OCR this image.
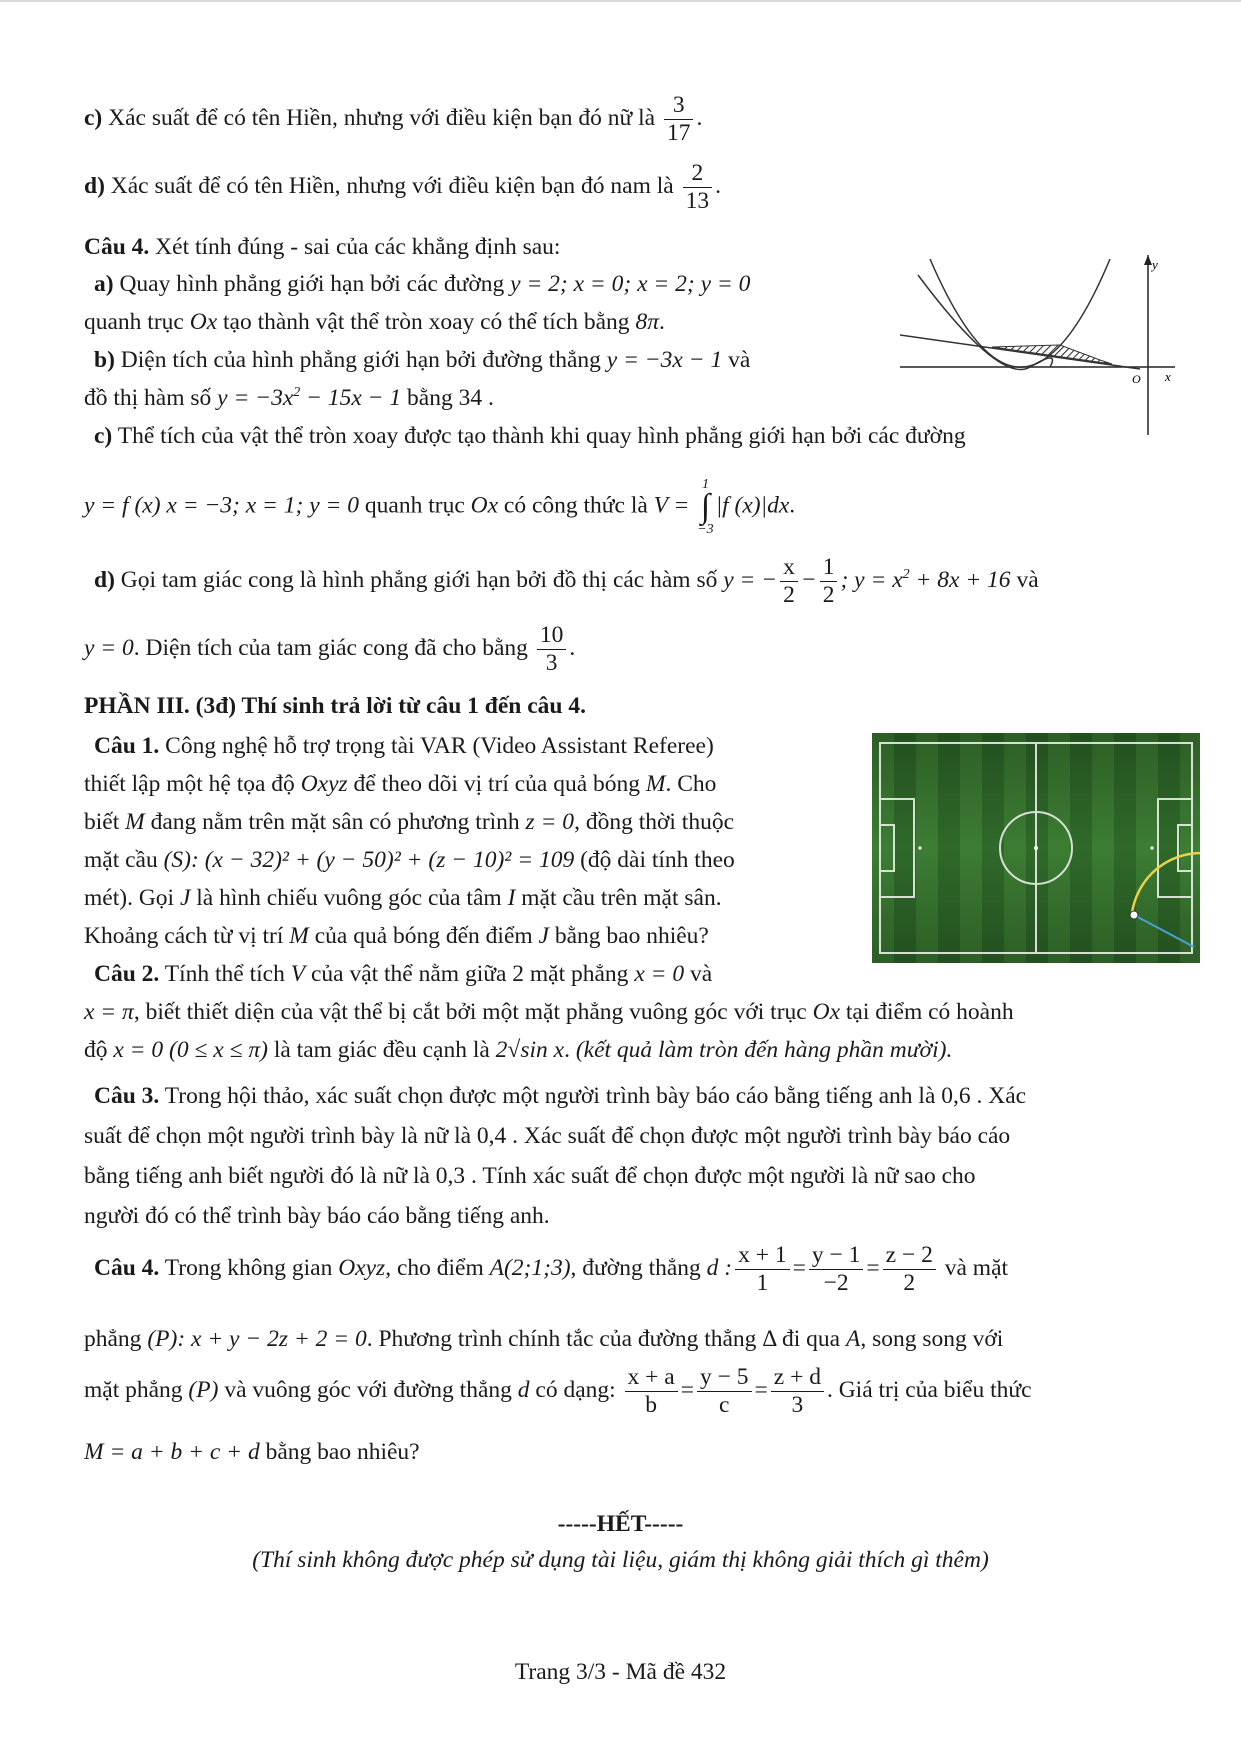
c) Xác suất để có tên Hiền, nhưng với điều kiện bạn đó nữ là $\frac{3}{17}$ .
d) Xác suất để có tên Hiền, nhưng với điều kiện bạn đó nam là $\frac{2}{13}$ .
Câu 4. Xét tính đúng - sai của các khẳng định sau:
a) Quay hình phẳng giới hạn bởi các đường y = 2; x = 0; x = 2; y = 0
quanh trục Ox tạo thành vật thể tròn xoay có thể tích bằng 8π.
b) Diện tích của hình phẳng giới hạn bởi đường thẳng y = −3x − 1 và
đồ thị hàm số $y = -3x^2 - 15x - 1$ bằng 34 .
c) Thể tích của vật thể tròn xoay được tạo thành khi quay hình phẳng giới hạn bởi các đường
y = f (x) x = −3; x = 1; y = 0 quanh trục Ox có công thức là V = 1
∫
−3|f (x)|dx.
d) Gọi tam giác cong là hình phẳng giới hạn bởi đồ thị các hàm số y = − $\frac{x}{2} - \frac{1}{2}$ ; $y = x^2 + 8x + 16$ và
y = 0. Diện tích của tam giác cong đã cho bằng $\frac{10}{3}$ .
PHẦN III. (3đ) Thí sinh trả lời từ câu 1 đến câu 4.
Câu 1. Công nghệ hỗ trợ trọng tài VAR (Video Assistant Referee)
thiết lập một hệ tọa độ Oxyz để theo dõi vị trí của quả bóng M. Cho
biết M đang nằm trên mặt sân có phương trình z = 0, đồng thời thuộc
mặt cầu (S): (x − 32)² + (y − 50)² + (z − 10)² = 109 (độ dài tính theo
mét). Gọi J là hình chiếu vuông góc của tâm I mặt cầu trên mặt sân.
Khoảng cách từ vị trí M của quả bóng đến điểm J bằng bao nhiêu?
Câu 2. Tính thể tích V của vật thể nằm giữa 2 mặt phẳng x = 0 và
x = π, biết thiết diện của vật thể bị cắt bởi một mặt phẳng vuông góc với trục Ox tại điểm có hoành
độ x = 0 (0 ≤ x ≤ π) là tam giác đều cạnh là 2√sin x. (kết quả làm tròn đến hàng phần mười).
Câu 3. Trong hội thảo, xác suất chọn được một người trình bày báo cáo bằng tiếng anh là 0,6 . Xác
suất để chọn một người trình bày là nữ là 0,4 . Xác suất để chọn được một người trình bày báo cáo
bằng tiếng anh biết người đó là nữ là 0,3 . Tính xác suất để chọn được một người là nữ sao cho
người đó có thể trình bày báo cáo bằng tiếng anh.
Câu 4. Trong không gian Oxyz, cho điểm A(2;1;3), đường thẳng d : $\frac{x + 1}{1} = \frac{y - 1}{-2} = \frac{z - 2}{2}$ và mặt
phẳng (P): x + y − 2z + 2 = 0. Phương trình chính tắc của đường thẳng Δ đi qua A, song song với
mặt phẳng (P) và vuông góc với đường thẳng d có dạng: $\frac{x + a}{b} = \frac{y - 5}{c} = \frac{z + d}{3}$ . Giá trị của biểu thức
M = a + b + c + d bằng bao nhiêu?
y
x
O
-----HẾT-----
(Thí sinh không được phép sử dụng tài liệu, giám thị không giải thích gì thêm)
Trang 3/3 - Mã đề 432
